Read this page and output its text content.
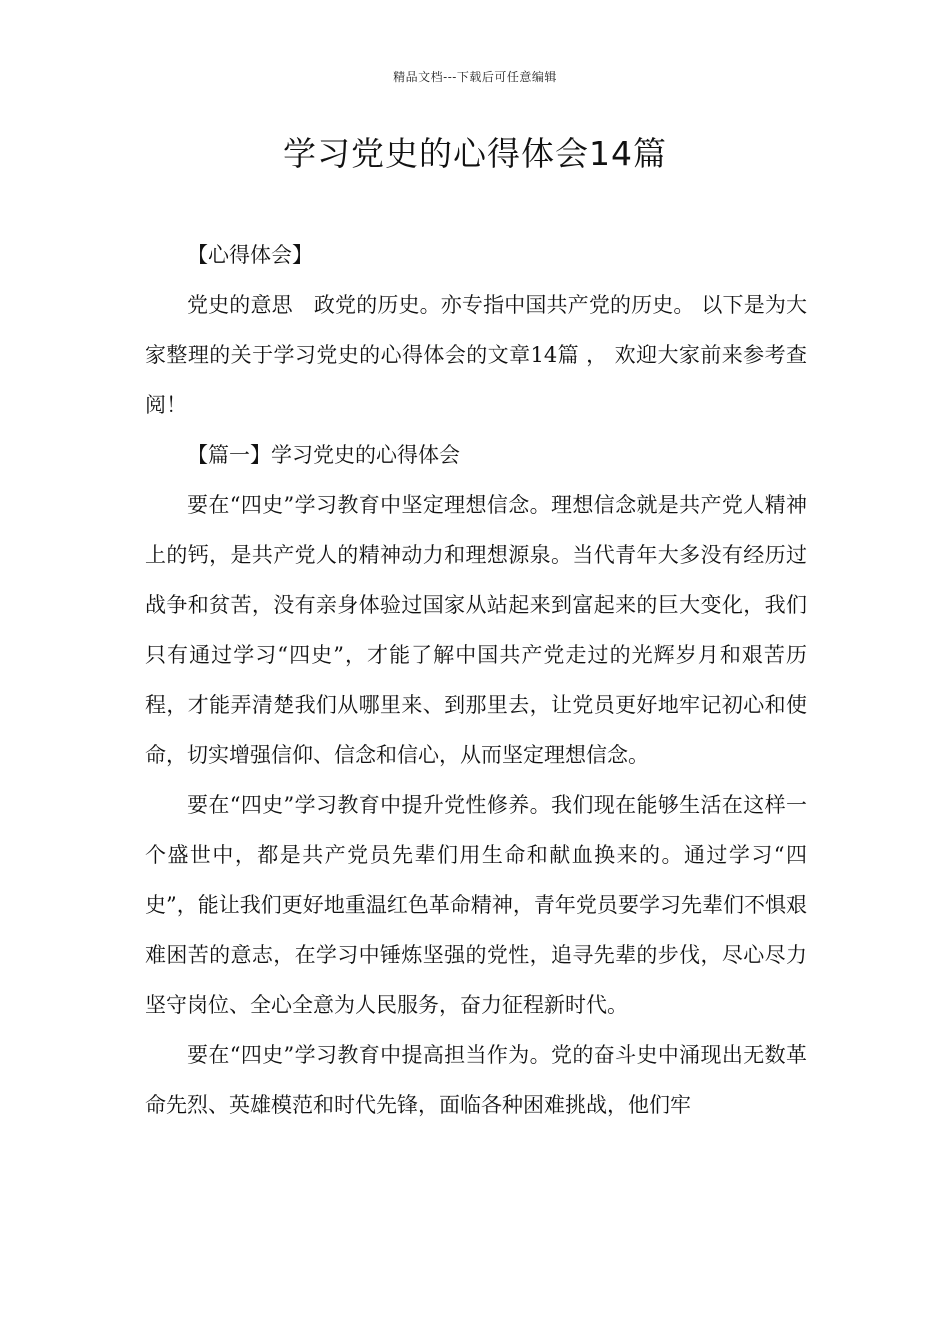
精品文档---下载后可任意编辑
学习党史的心得体会14篇

【心得体会】

党史的意思　政党的历史。亦专指中国共产党的历史。 以下是为大家整理的关于学习党史的心得体会的文章14篇 ， 欢迎大家前来参考查阅！

【篇一】学习党史的心得体会

要在“四史”学习教育中坚定理想信念。理想信念就是共产党人精神上的钙，是共产党人的精神动力和理想源泉。当代青年大多没有经历过战争和贫苦，没有亲身体验过国家从站起来到富起来的巨大变化，我们只有通过学习“四史”，才能了解中国共产党走过的光辉岁月和艰苦历程，才能弄清楚我们从哪里来、到那里去，让党员更好地牢记初心和使命，切实增强信仰、信念和信心，从而坚定理想信念。

要在“四史”学习教育中提升党性修养。我们现在能够生活在这样一个盛世中，都是共产党员先辈们用生命和献血换来的。通过学习“四史”，能让我们更好地重温红色革命精神，青年党员要学习先辈们不惧艰难困苦的意志，在学习中锤炼坚强的党性，追寻先辈的步伐，尽心尽力坚守岗位、全心全意为人民服务，奋力征程新时代。

要在“四史”学习教育中提高担当作为。党的奋斗史中涌现出无数革命先烈、英雄模范和时代先锋，面临各种困难挑战，他们牢
